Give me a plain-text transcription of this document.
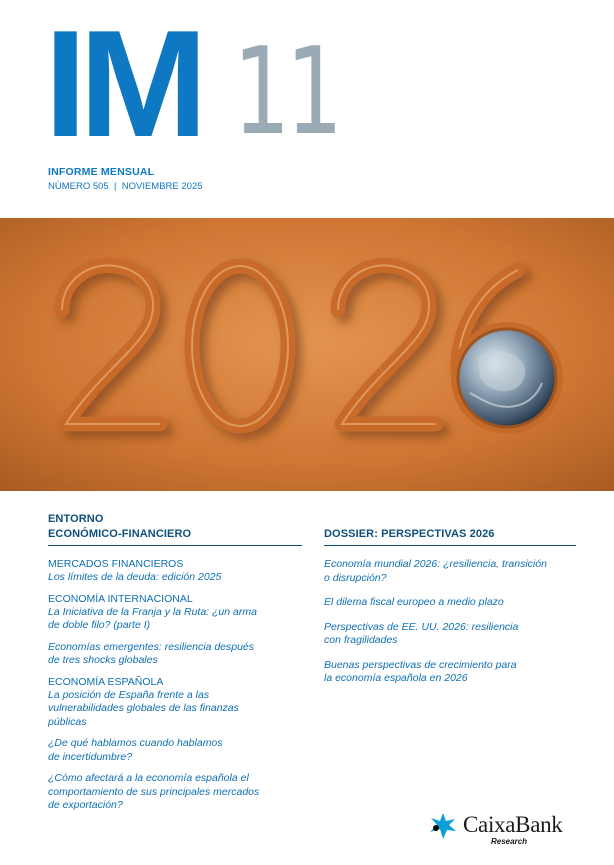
IM 11
INFORME MENSUAL
NÚMERO 505  |  NOVIEMBRE 2025
ENTORNO
ECONÓMICO-FINANCIERO
MERCADOS FINANCIEROS
Los límites de la deuda: edición 2025
ECONOMÍA INTERNACIONAL
La Iniciativa de la Franja y la Ruta: ¿un arma
de doble filo? (parte I)
Economías emergentes: resiliencia después
de tres shocks globales
ECONOMÍA ESPAÑOLA
La posición de España frente a las
vulnerabilidades globales de las finanzas
públicas
¿De qué hablamos cuando hablamos
de incertidumbre?
¿Cómo afectará a la economía española el
comportamiento de sus principales mercados
de exportación?
DOSSIER: PERSPECTIVAS 2026
Economía mundial 2026: ¿resiliencia, transición
o disrupción?
El dilema fiscal europeo a medio plazo
Perspectivas de EE. UU. 2026: resiliencia
con fragilidades
Buenas perspectivas de crecimiento para
la economía española en 2026
CaixaBank
Research
